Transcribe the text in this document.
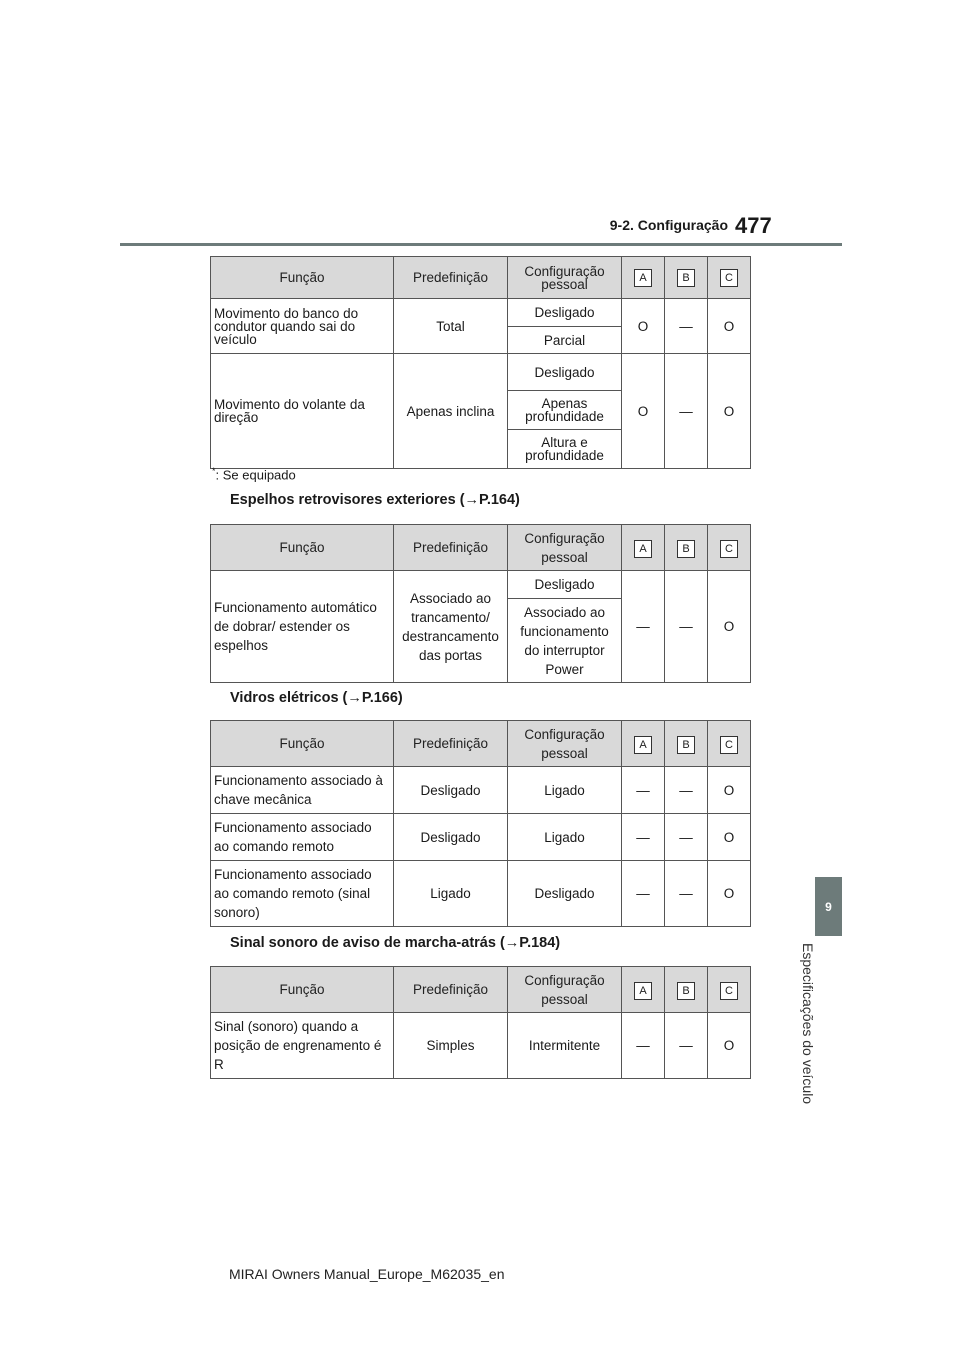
9-2. Configuração 477
9
Especificações do veículo
Função	Predefinição	Configuração pessoal	A	B	C
Movimento do banco do condutor quando sai do veículo	Total	Desligado	O	—	O
		Parcial			
Movimento do volante da direção	Apenas inclina	Desligado	O	—	O
		Apenas profundidade			
		Altura e profundidade			
*: Se equipado
Espelhos retrovisores exteriores (→P.164)
Função	Predefinição	Configuração pessoal	A	B	C
Funcionamento automático de dobrar/ estender os espelhos	Associado ao trancamento/ destrancamento das portas	Desligado	—	—	O
		Associado ao funcionamento do interruptor Power			
Vidros elétricos (→P.166)
Função	Predefinição	Configuração pessoal	A	B	C
Funcionamento associado à chave mecânica	Desligado	Ligado	—	—	O
Funcionamento associado ao comando remoto	Desligado	Ligado	—	—	O
Funcionamento associado ao comando remoto (sinal sonoro)	Ligado	Desligado	—	—	O
Sinal sonoro de aviso de marcha-atrás (→P.184)
Função	Predefinição	Configuração pessoal	A	B	C
Sinal (sonoro) quando a posição de engrenamento é R	Simples	Intermitente	—	—	O
MIRAI Owners Manual_Europe_M62035_en
